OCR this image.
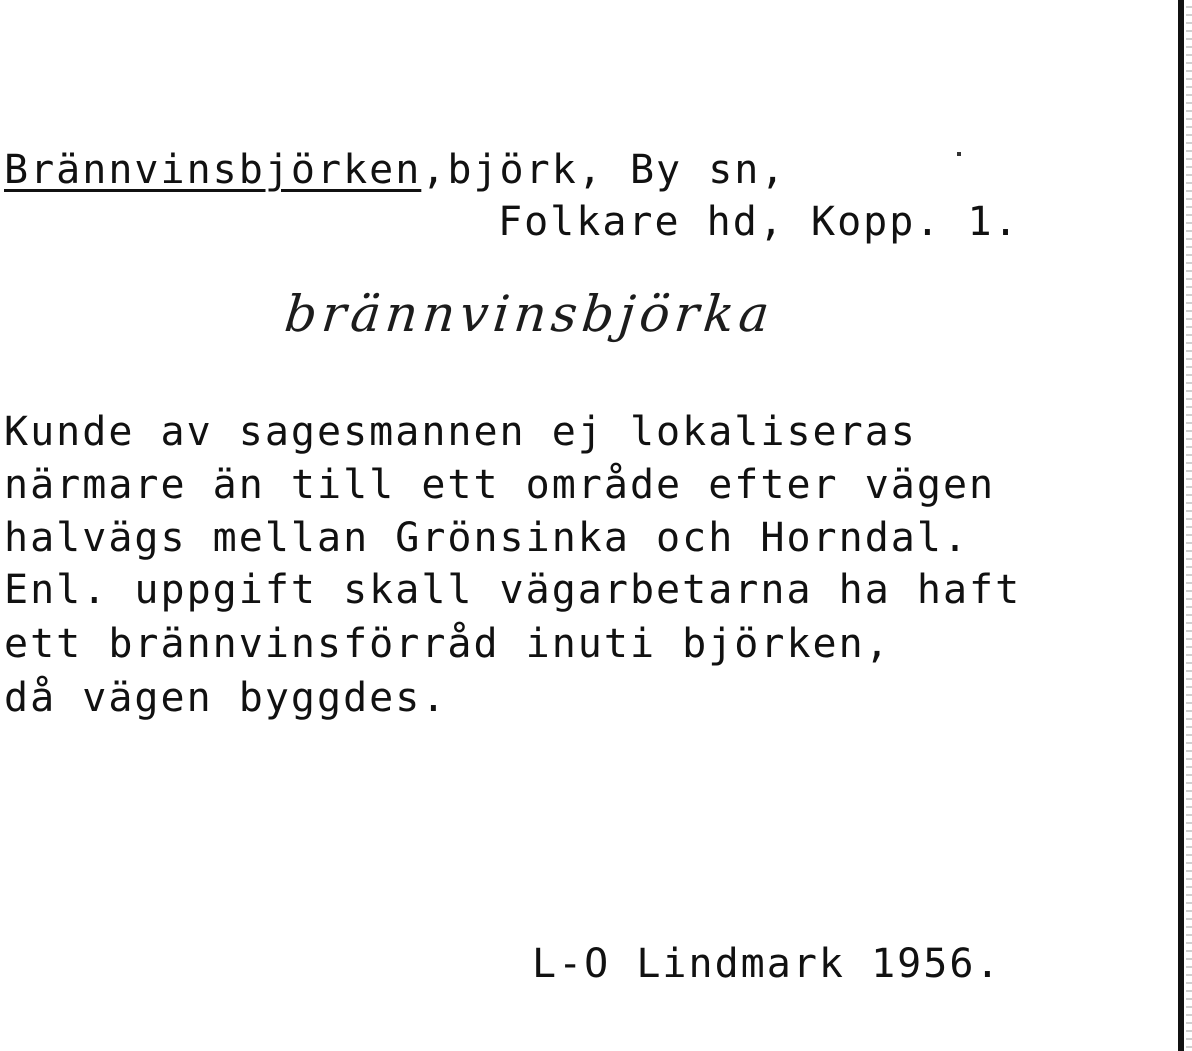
Brännvinsbjörken,björk, By sn,
Folkare hd, Kopp. 1.
brännvinsbjörka
Kunde av sagesmannen ej lokaliseras
närmare än till ett område efter vägen
halvägs mellan Grönsinka och Horndal.
Enl. uppgift skall vägarbetarna ha haft
ett brännvinsförråd inuti björken,
då vägen byggdes.
L-O Lindmark 1956.
